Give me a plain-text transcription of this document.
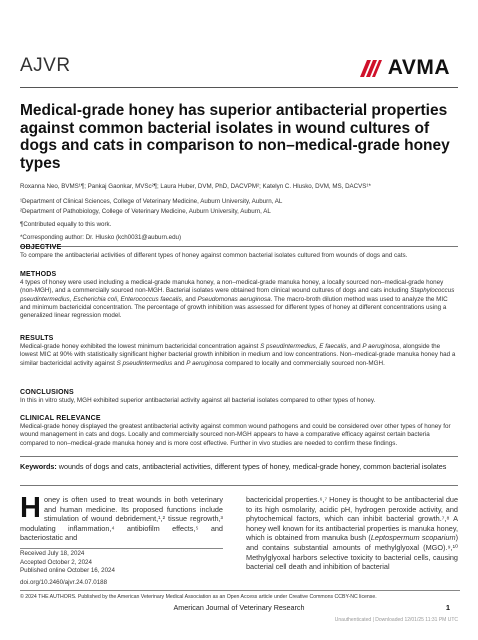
AJVR	AVMA
Medical-grade honey has superior antibacterial properties against common bacterial isolates in wound cultures of dogs and cats in comparison to non–medical-grade honey types
Roxanna Neo, BVMS¹¶; Pankaj Gaonkar, MVSc²¶; Laura Huber, DVM, PhD, DACVPM²; Katelyn C. Hlusko, DVM, MS, DACVS¹*
¹Department of Clinical Sciences, College of Veterinary Medicine, Auburn University, Auburn, AL
²Department of Pathobiology, College of Veterinary Medicine, Auburn University, Auburn, AL
¶Contributed equally to this work.
*Corresponding author: Dr. Hlusko (kch0031@auburn.edu)
OBJECTIVE
To compare the antibacterial activities of different types of honey against common bacterial isolates cultured from wounds of dogs and cats.
METHODS
4 types of honey were used including a medical-grade manuka honey, a non–medical-grade manuka honey, a locally sourced non–medical-grade honey (non-MGH), and a commercially sourced non-MGH. Bacterial isolates were obtained from clinical wound cultures of dogs and cats including Staphylococcus pseudintermedius, Escherichia coli, Enterococcus faecalis, and Pseudomonas aeruginosa. The macro-broth dilution method was used to analyze the MIC and minimum bactericidal concentration. The percentage of growth inhibition was assessed for different types of honey at different concentrations using a generalized linear regression model.
RESULTS
Medical-grade honey exhibited the lowest minimum bactericidal concentration against S pseudintermedius, E faecalis, and P aeruginosa, alongside the lowest MIC at 90% with statistically significant higher bacterial growth inhibition in medium and low concentrations. Non–medical-grade manuka honey had a similar bactericidal activity against S pseudintermedius and P aeruginosa compared to locally and commercially sourced non-MGH.
CONCLUSIONS
In this in vitro study, MGH exhibited superior antibacterial activity against all bacterial isolates compared to other types of honey.
CLINICAL RELEVANCE
Medical-grade honey displayed the greatest antibacterial activity against common wound pathogens and could be considered over other types of honey for wound management in cats and dogs. Locally and commercially sourced non-MGH appears to have a comparative efficacy against certain bacteria compared to non–medical-grade manuka honey and is more cost effective. Further in vivo studies are needed to confirm these findings.
Keywords: wounds of dogs and cats, antibacterial activities, different types of honey, medical-grade honey, common bacterial isolates
Honey is often used to treat wounds in both veterinary and human medicine. Its proposed functions include stimulation of wound debridement,¹,² tissue regrowth,³ modulating inflammation,⁴ antibiofilm effects,⁵ and bacteriostatic and
Received July 18, 2024
Accepted October 2, 2024
Published online October 16, 2024
doi.org/10.2460/ajvr.24.07.0188
bactericidal properties.⁶,⁷ Honey is thought to be antibacterial due to its high osmolarity, acidic pH, hydrogen peroxide activity, and phytochemical factors, which can inhibit bacterial growth.⁷,⁸ A honey well known for its antibacterial properties is manuka honey, which is obtained from manuka bush (Leptospermum scoparium) and contains substantial amounts of methylglyoxal (MGO).⁹,¹⁰ Methylglyoxal harbors selective toxicity to bacterial cells, causing bacterial cell death and inhibition of bacterial
© 2024 THE AUTHORS. Published by the American Veterinary Medical Association as an Open Access article under Creative Commons CCBY-NC license.
American Journal of Veterinary Research	1
Unauthenticated | Downloaded 12/01/25 11:31 PM UTC
